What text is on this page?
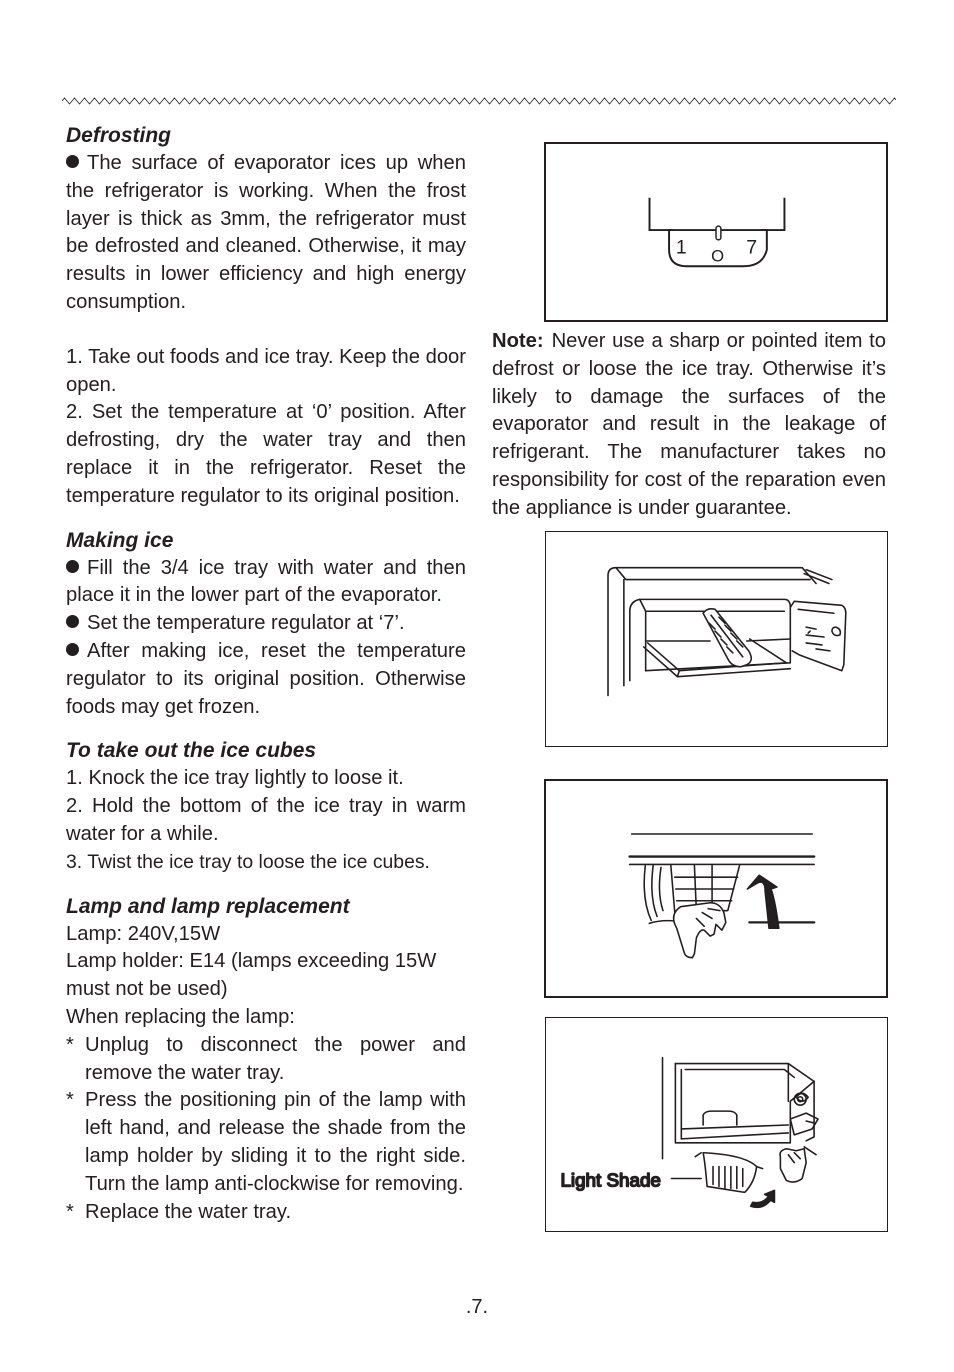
Defrosting

The surface of evaporator ices up when the refrigerator is working. When the frost layer is thick as 3mm, the refrigerator must be defrosted and cleaned. Otherwise, it may results in lower efficiency and high energy consumption.

1. Take out foods and ice tray. Keep the door open.

2. Set the temperature at ‘0’ position. After defrosting, dry the water tray and then replace it in the refrigerator. Reset the temperature regulator to its original position.

Making ice

Fill the 3/4 ice tray with water and then place it in the lower part of the evaporator.

Set the temperature regulator at ‘7’.

After making ice, reset the temperature regulator to its original position. Otherwise foods may get frozen.

To take out the ice cubes

1. Knock the ice tray lightly to loose it.

2. Hold the bottom of the ice tray in warm water for a while.

3. Twist the ice tray to loose the ice cubes.

Lamp and lamp replacement

Lamp: 240V,15W

Lamp holder: E14 (lamps exceeding 15W must not be used)

When replacing the lamp:

* Unplug to disconnect the power and remove the water tray.

* Press the positioning pin of the lamp with left hand, and release the shade from the lamp holder by sliding it to the right side. Turn the lamp anti-clockwise for removing.

* Replace the water tray.

1	7
O

Note: Never use a sharp or pointed item to defrost or loose the ice tray. Otherwise it’s likely to damage the surfaces of the evaporator and result in the leakage of refrigerant. The manufacturer takes no responsibility for cost of the reparation even the appliance is under guarantee.

Light Shade

.7.
